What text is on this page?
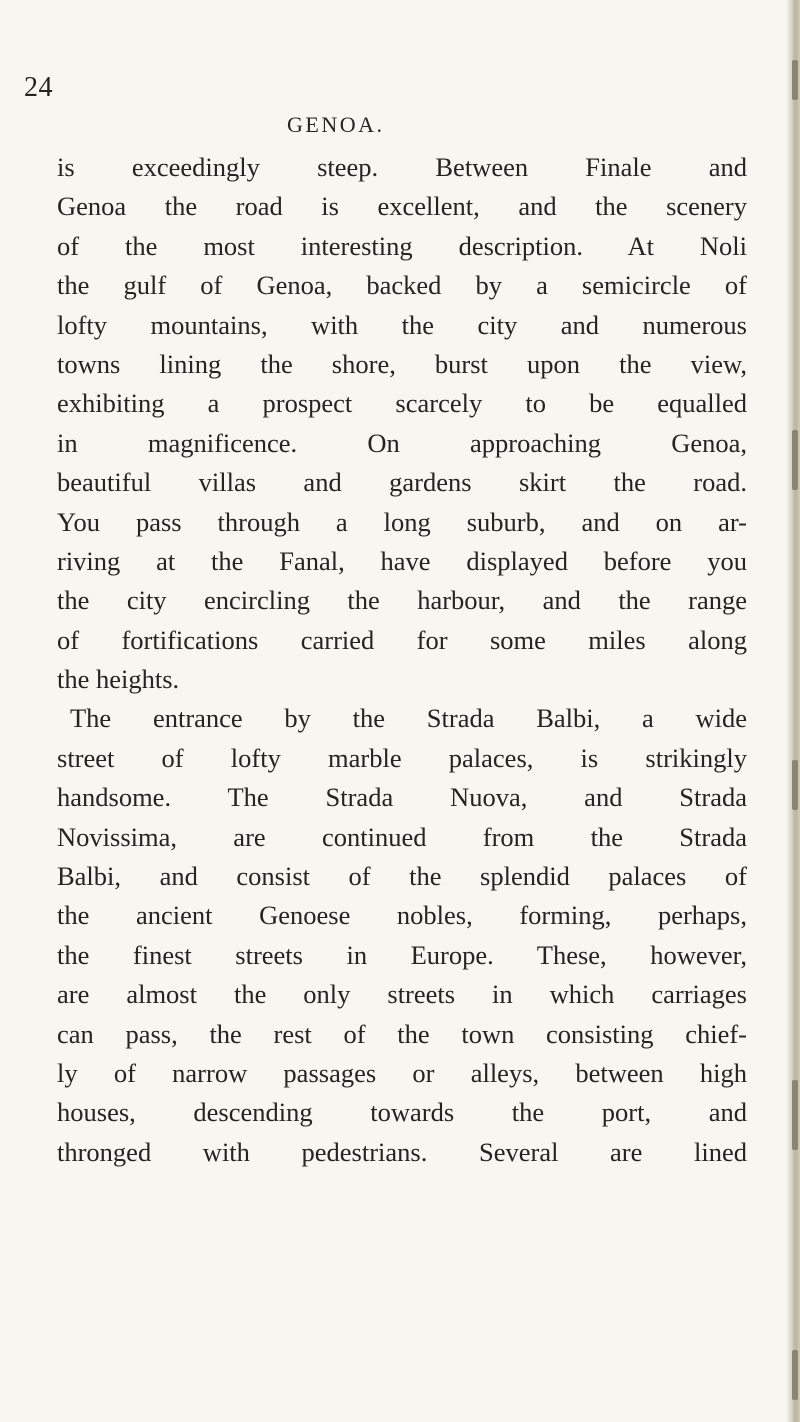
24
GENOA.
is exceedingly steep. Between Finale and
Genoa the road is excellent, and the scenery
of the most interesting description. At Noli
the gulf of Genoa, backed by a semicircle of
lofty mountains, with the city and numerous
towns lining the shore, burst upon the view,
exhibiting a prospect scarcely to be equalled
in magnificence. On approaching Genoa,
beautiful villas and gardens skirt the road.
You pass through a long suburb, and on ar-
riving at the Fanal, have displayed before you
the city encircling the harbour, and the range
of fortifications carried for some miles along
the heights.
The entrance by the Strada Balbi, a wide
street of lofty marble palaces, is strikingly
handsome. The Strada Nuova, and Strada
Novissima, are continued from the Strada
Balbi, and consist of the splendid palaces of
the ancient Genoese nobles, forming, perhaps,
the finest streets in Europe. These, however,
are almost the only streets in which carriages
can pass, the rest of the town consisting chief-
ly of narrow passages or alleys, between high
houses, descending towards the port, and
thronged with pedestrians. Several are lined
